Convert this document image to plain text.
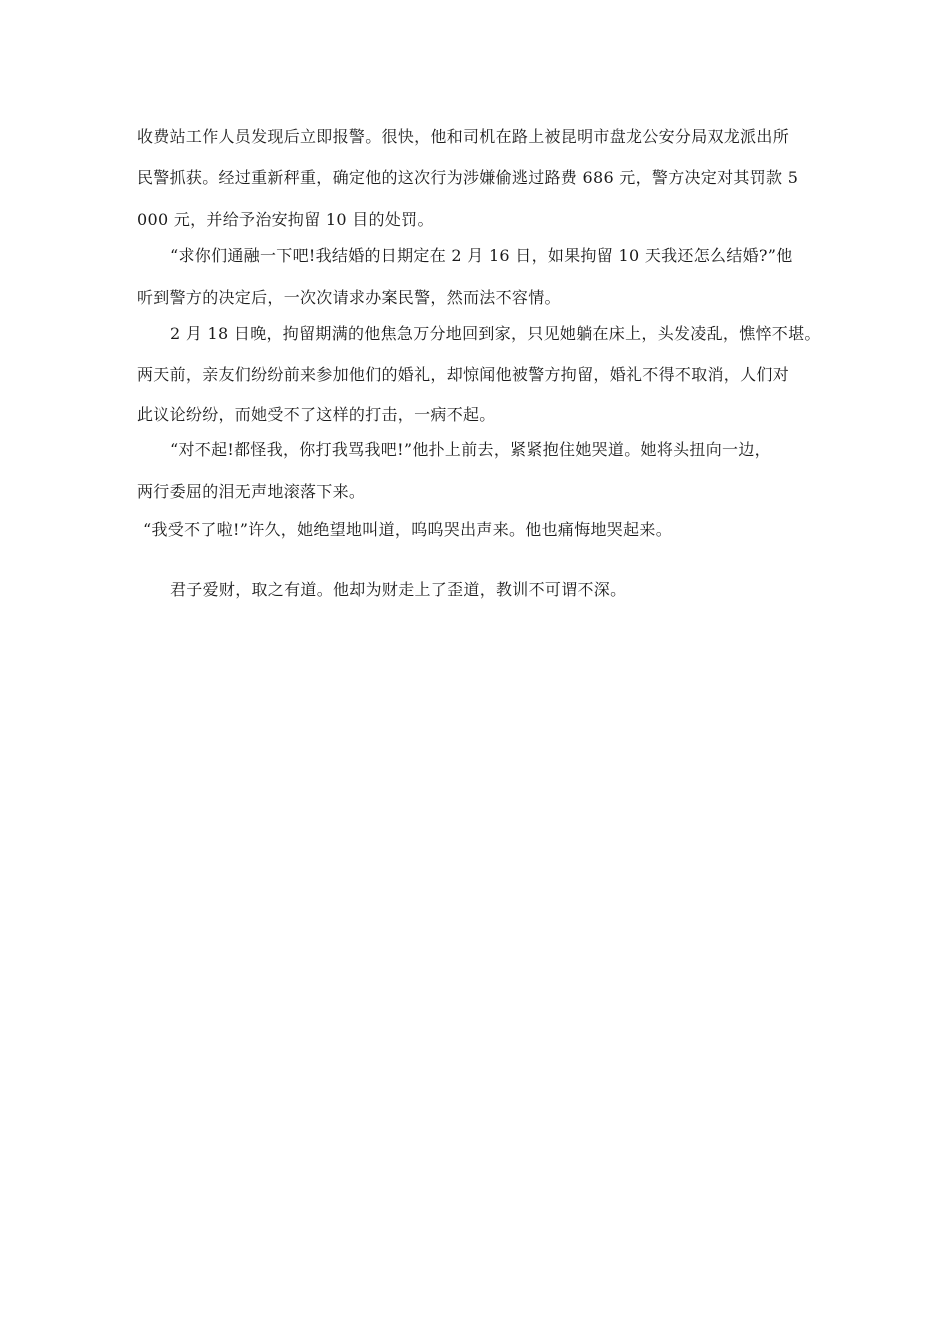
收费站工作人员发现后立即报警。很快，他和司机在路上被昆明市盘龙公安分局双龙派出所
民警抓获。经过重新秤重，确定他的这次行为涉嫌偷逃过路费 686 元，警方决定对其罚款 5
000 元，并给予治安拘留 10 目的处罚。
“求你们通融一下吧!我结婚的日期定在 2 月 16 日，如果拘留 10 天我还怎么结婚?”他
听到警方的决定后，一次次请求办案民警，然而法不容情。
2 月 18 日晚，拘留期满的他焦急万分地回到家，只见她躺在床上，头发凌乱，憔悴不堪。
两天前，亲友们纷纷前来参加他们的婚礼，却惊闻他被警方拘留，婚礼不得不取消，人们对
此议论纷纷，而她受不了这样的打击，一病不起。
“对不起!都怪我，你打我骂我吧!”他扑上前去，紧紧抱住她哭道。她将头扭向一边，
两行委屈的泪无声地滚落下来。
“我受不了啦!”许久，她绝望地叫道，呜呜哭出声来。他也痛悔地哭起来。
君子爱财，取之有道。他却为财走上了歪道，教训不可谓不深。
